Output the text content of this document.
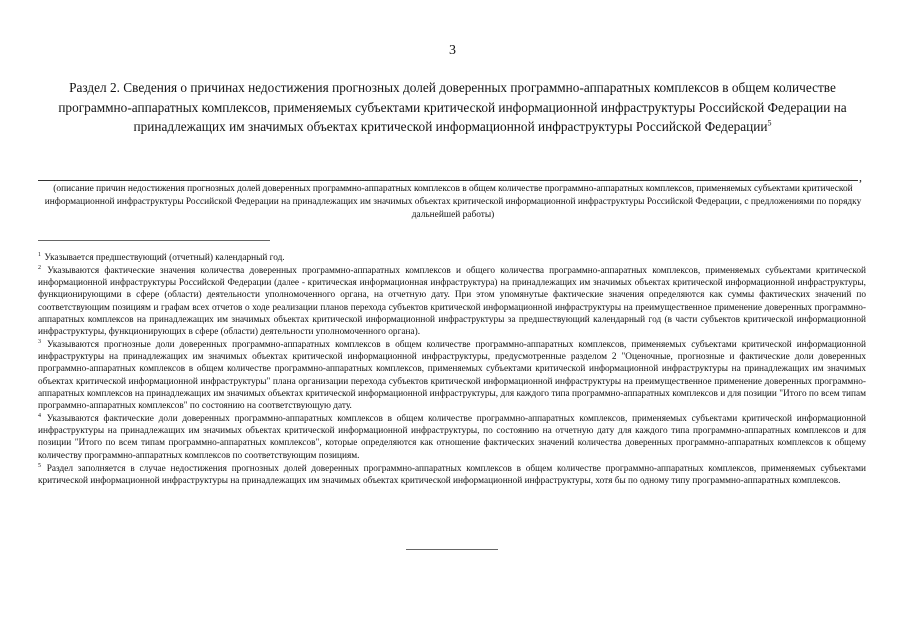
3
Раздел 2. Сведения о причинах недостижения прогнозных долей доверенных программно-аппаратных комплексов в общем количестве программно-аппаратных комплексов, применяемых субъектами критической информационной инфраструктуры Российской Федерации на принадлежащих им значимых объектах критической информационной инфраструктуры Российской Федерации$^5$
,
(описание причин недостижения прогнозных долей доверенных программно-аппаратных комплексов в общем количестве программно-аппаратных комплексов, применяемых субъектами критической информационной инфраструктуры Российской Федерации на принадлежащих им значимых объектах критической информационной инфраструктуры Российской Федерации, с предложениями по порядку дальнейшей работы)

$^1$ Указывается предшествующий (отчетный) календарный год.

$^2$ Указываются фактические значения количества доверенных программно-аппаратных комплексов и общего количества программно-аппаратных комплексов, применяемых субъектами критической информационной инфраструктуры Российской Федерации (далее - критическая информационная инфраструктура) на принадлежащих им значимых объектах критической информационной инфраструктуры, функционирующими в сфере (области) деятельности уполномоченного органа, на отчетную дату. При этом упомянутые фактические значения определяются как суммы фактических значений по соответствующим позициям и графам всех отчетов о ходе реализации планов перехода субъектов критической информационной инфраструктуры на преимущественное применение доверенных программно-аппаратных комплексов на принадлежащих им значимых объектах критической информационной инфраструктуры за предшествующий календарный год (в части субъектов критической информационной инфраструктуры, функционирующих в сфере (области) деятельности уполномоченного органа).

$^3$ Указываются прогнозные доли доверенных программно-аппаратных комплексов в общем количестве программно-аппаратных комплексов, применяемых субъектами критической информационной инфраструктуры на принадлежащих им значимых объектах критической информационной инфраструктуры, предусмотренные разделом 2 "Оценочные, прогнозные и фактические доли доверенных программно-аппаратных комплексов в общем количестве программно-аппаратных комплексов, применяемых субъектами критической информационной инфраструктуры на принадлежащих им значимых объектах критической информационной инфраструктуры" плана организации перехода субъектов критической информационной инфраструктуры на преимущественное применение доверенных программно-аппаратных комплексов на принадлежащих им значимых объектах критической информационной инфраструктуры, для каждого типа программно-аппаратных комплексов и для позиции "Итого по всем типам программно-аппаратных комплексов" по состоянию на соответствующую дату.

$^4$ Указываются фактические доли доверенных программно-аппаратных комплексов в общем количестве программно-аппаратных комплексов, применяемых субъектами критической информационной инфраструктуры на принадлежащих им значимых объектах критической информационной инфраструктуры, по состоянию на отчетную дату для каждого типа программно-аппаратных комплексов и для позиции "Итого по всем типам программно-аппаратных комплексов", которые определяются как отношение фактических значений количества доверенных программно-аппаратных комплексов к общему количеству программно-аппаратных комплексов по соответствующим позициям.

$^5$ Раздел заполняется в случае недостижения прогнозных долей доверенных программно-аппаратных комплексов в общем количестве программно-аппаратных комплексов, применяемых субъектами критической информационной инфраструктуры на принадлежащих им значимых объектах критической информационной инфраструктуры, хотя бы по одному типу программно-аппаратных комплексов.
